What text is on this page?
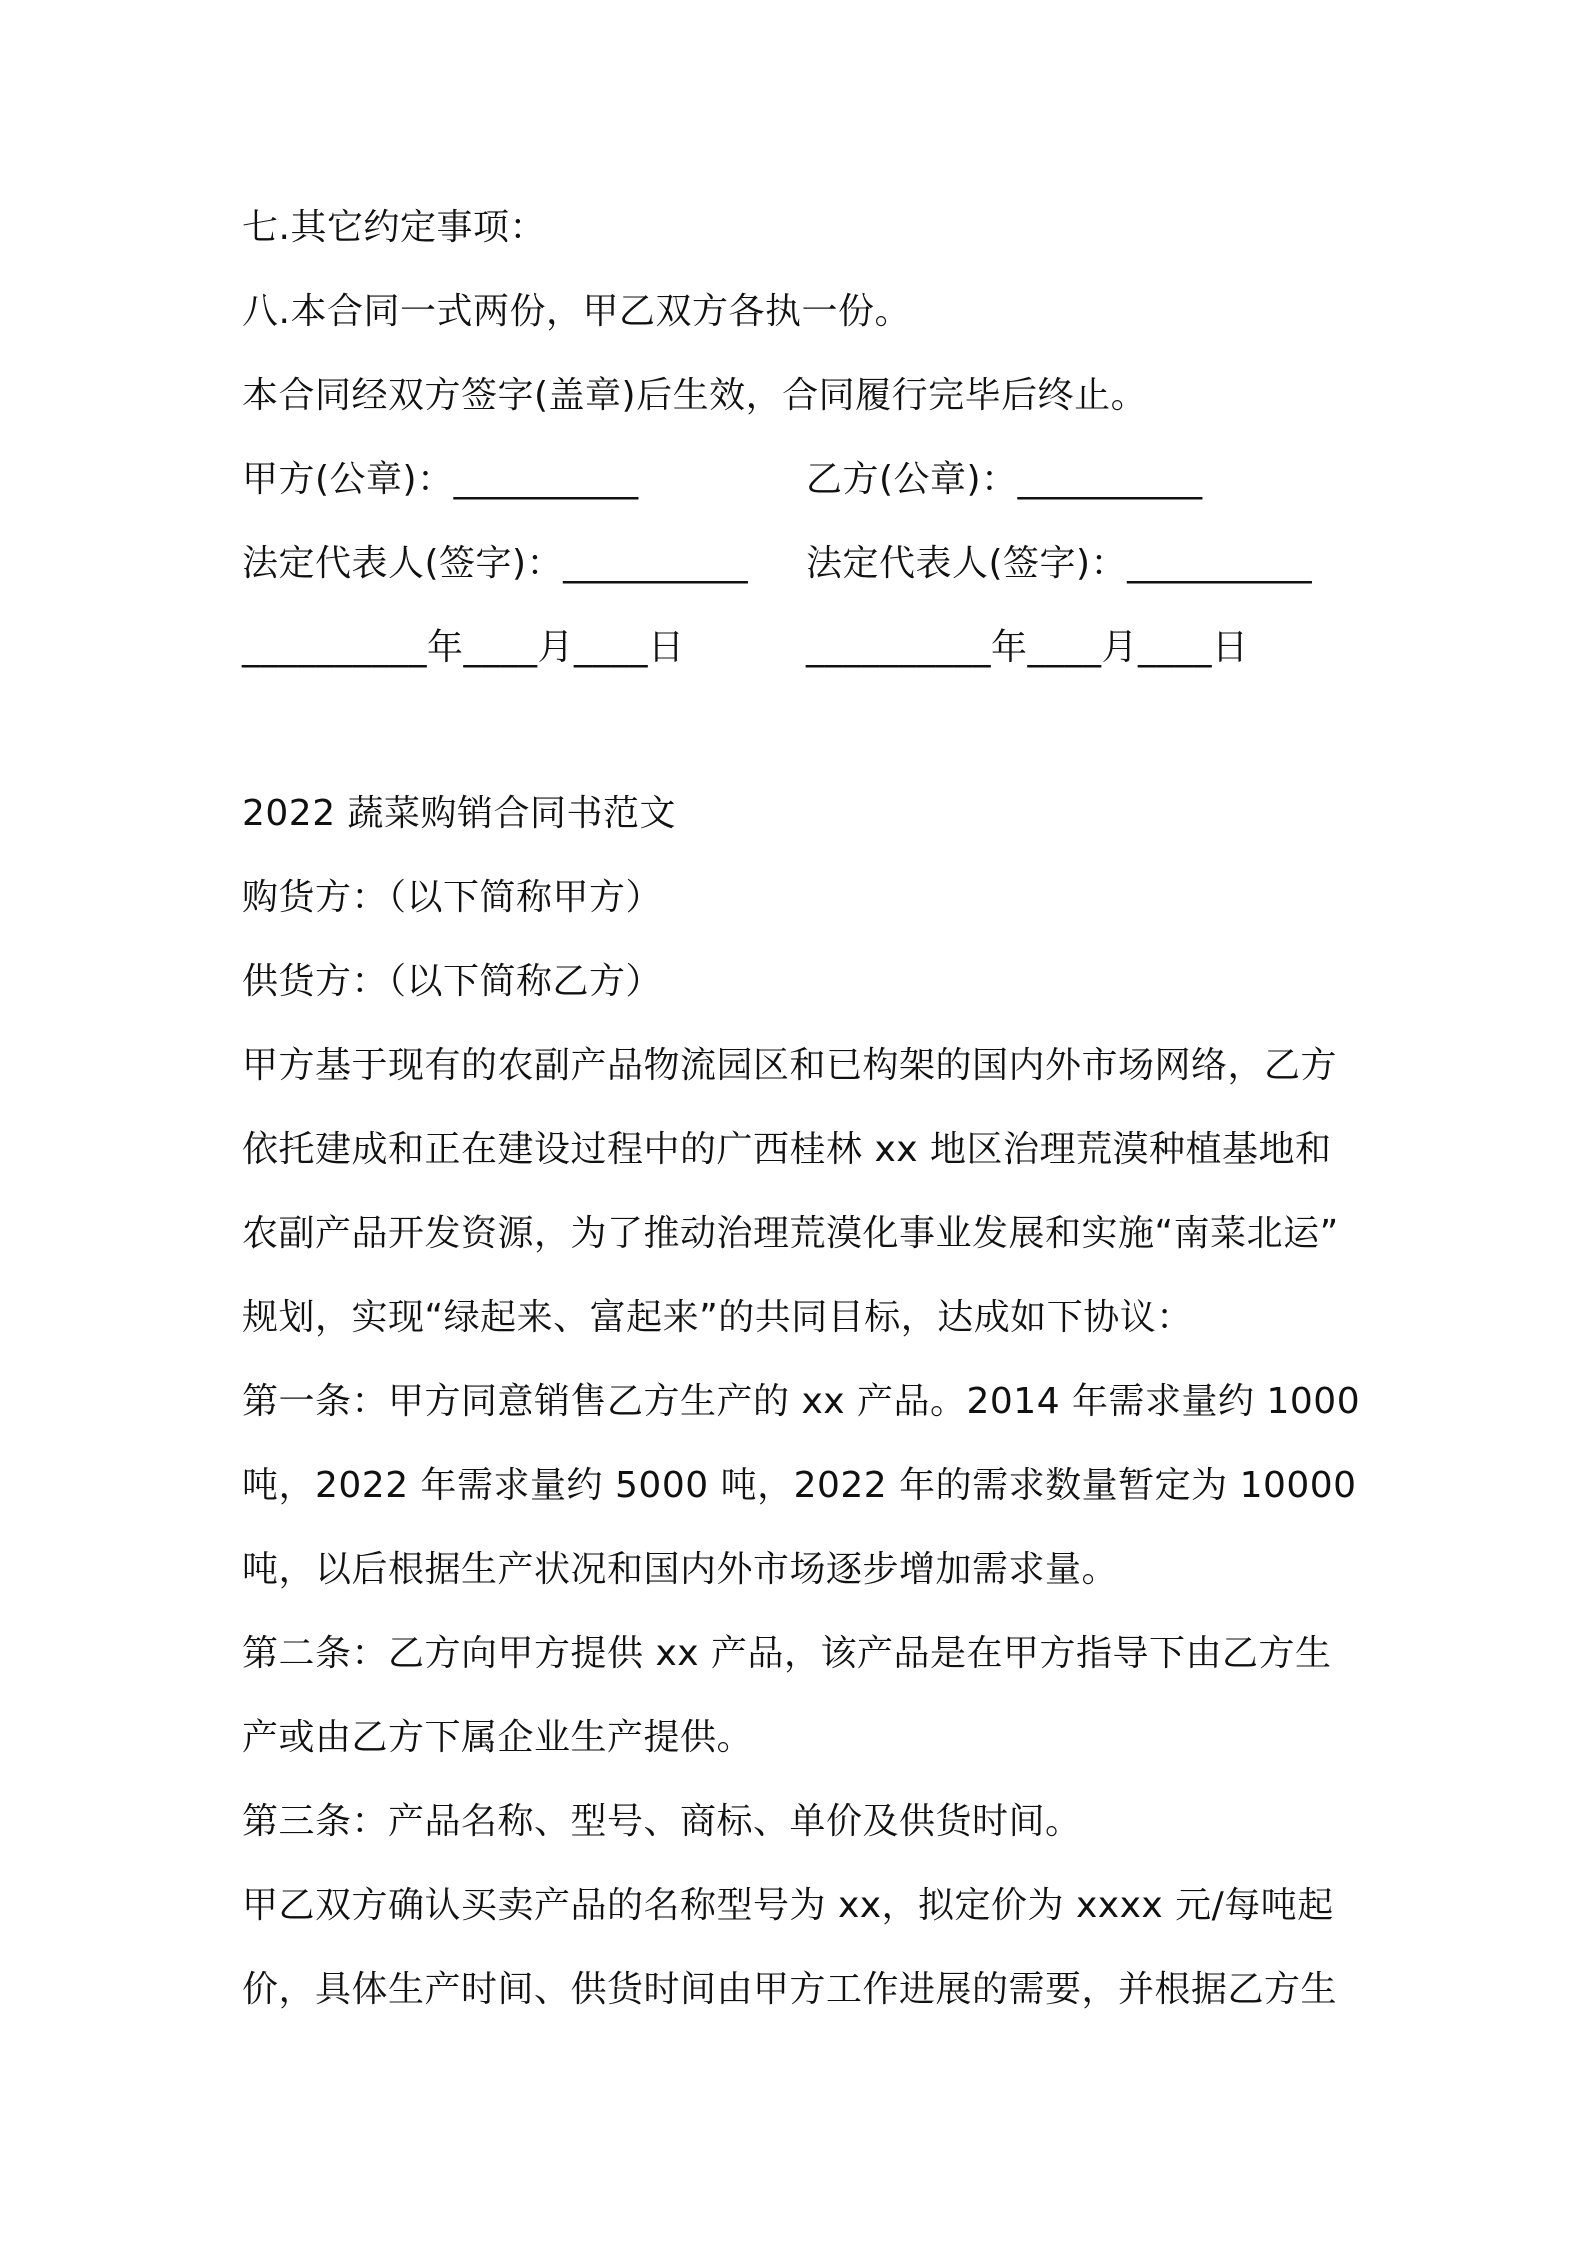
七.其它约定事项：
八.本合同一式两份，甲乙双方各执一份。
本合同经双方签字(盖章)后生效，合同履行完毕后终止。
甲方(公章)：__________	乙方(公章)：__________
法定代表人(签字)：__________ 法定代表人(签字)：__________
__________年____月____日	__________年____月____日
2022 蔬菜购销合同书范文
购货方：（以下简称甲方）
供货方：（以下简称乙方）
甲方基于现有的农副产品物流园区和已构架的国内外市场网络，乙方
依托建成和正在建设过程中的广西桂林 xx 地区治理荒漠种植基地和
农副产品开发资源，为了推动治理荒漠化事业发展和实施“南菜北运”
规划，实现“绿起来、富起来”的共同目标，达成如下协议：
第一条：甲方同意销售乙方生产的 xx 产品。2014 年需求量约 1000
吨，2022 年需求量约 5000 吨，2022 年的需求数量暂定为 10000
吨，以后根据生产状况和国内外市场逐步增加需求量。
第二条：乙方向甲方提供 xx 产品，该产品是在甲方指导下由乙方生
产或由乙方下属企业生产提供。
第三条：产品名称、型号、商标、单价及供货时间。
甲乙双方确认买卖产品的名称型号为 xx，拟定价为 xxxx 元/每吨起
价，具体生产时间、供货时间由甲方工作进展的需要，并根据乙方生
